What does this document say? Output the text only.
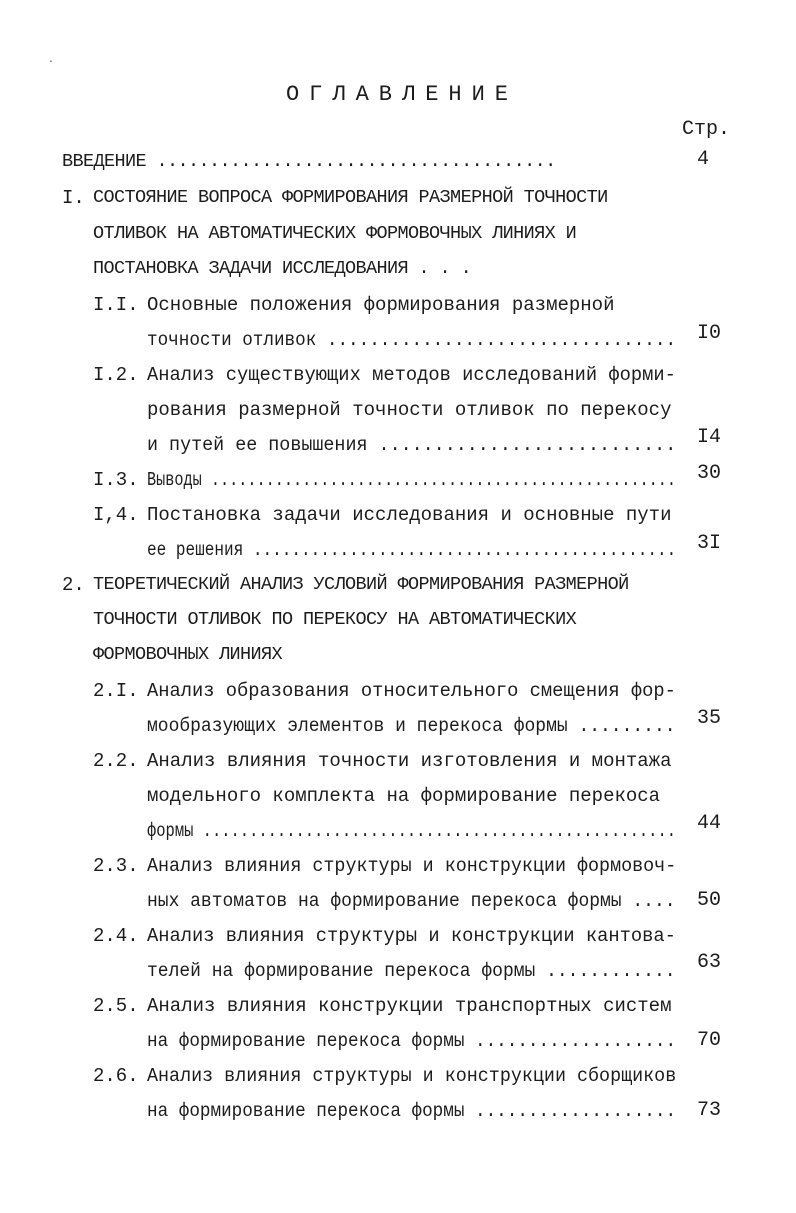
·
ОГЛАВЛЕНИЕ
Стр.
ВВЕДЕНИЕ ......................................	4
I. СОСТОЯНИЕ ВОПРОСА ФОРМИРОВАНИЯ РАЗМЕРНОЙ ТОЧНОСТИ
ОТЛИВОК НА АВТОМАТИЧЕСКИХ ФОРМОВОЧНЫХ ЛИНИЯХ И
ПОСТАНОВКА ЗАДАЧИ ИССЛЕДОВАНИЯ . . .
I.I. Основные положения формирования размерной
точности отливок ................................. I0
I.2. Анализ существующих методов исследований форми-
рования размерной точности отливок по перекосу
и путей ее повышения ........................... I4
I.3. Выводы ................................................... 30
I,4. Постановка задачи исследования и основные пути
ее решения ............................................ 3I
2. ТЕОРЕТИЧЕСКИЙ АНАЛИЗ УСЛОВИЙ ФОРМИРОВАНИЯ РАЗМЕРНОЙ
ТОЧНОСТИ ОТЛИВОК ПО ПЕРЕКОСУ НА АВТОМАТИЧЕСКИХ
ФОРМОВОЧНЫХ ЛИНИЯХ
2.I. Анализ образования относительного смещения фор-
мообразующих элементов и перекоса формы ......... 35
2.2. Анализ влияния точности изготовления и монтажа
модельного комплекта на формирование перекоса
формы ................................................... 44
2.3. Анализ влияния структуры и конструкции формовоч-
ных автоматов на формирование перекоса формы .... 50
2.4. Анализ влияния структуры и конструкции кантова-
телей на формирование перекоса формы ............ 63
2.5. Анализ влияния конструкции транспортных систем
на формирование перекоса формы ................... 70
2.6. Анализ влияния структуры и конструкции сборщиков
на формирование перекоса формы ................... 73
